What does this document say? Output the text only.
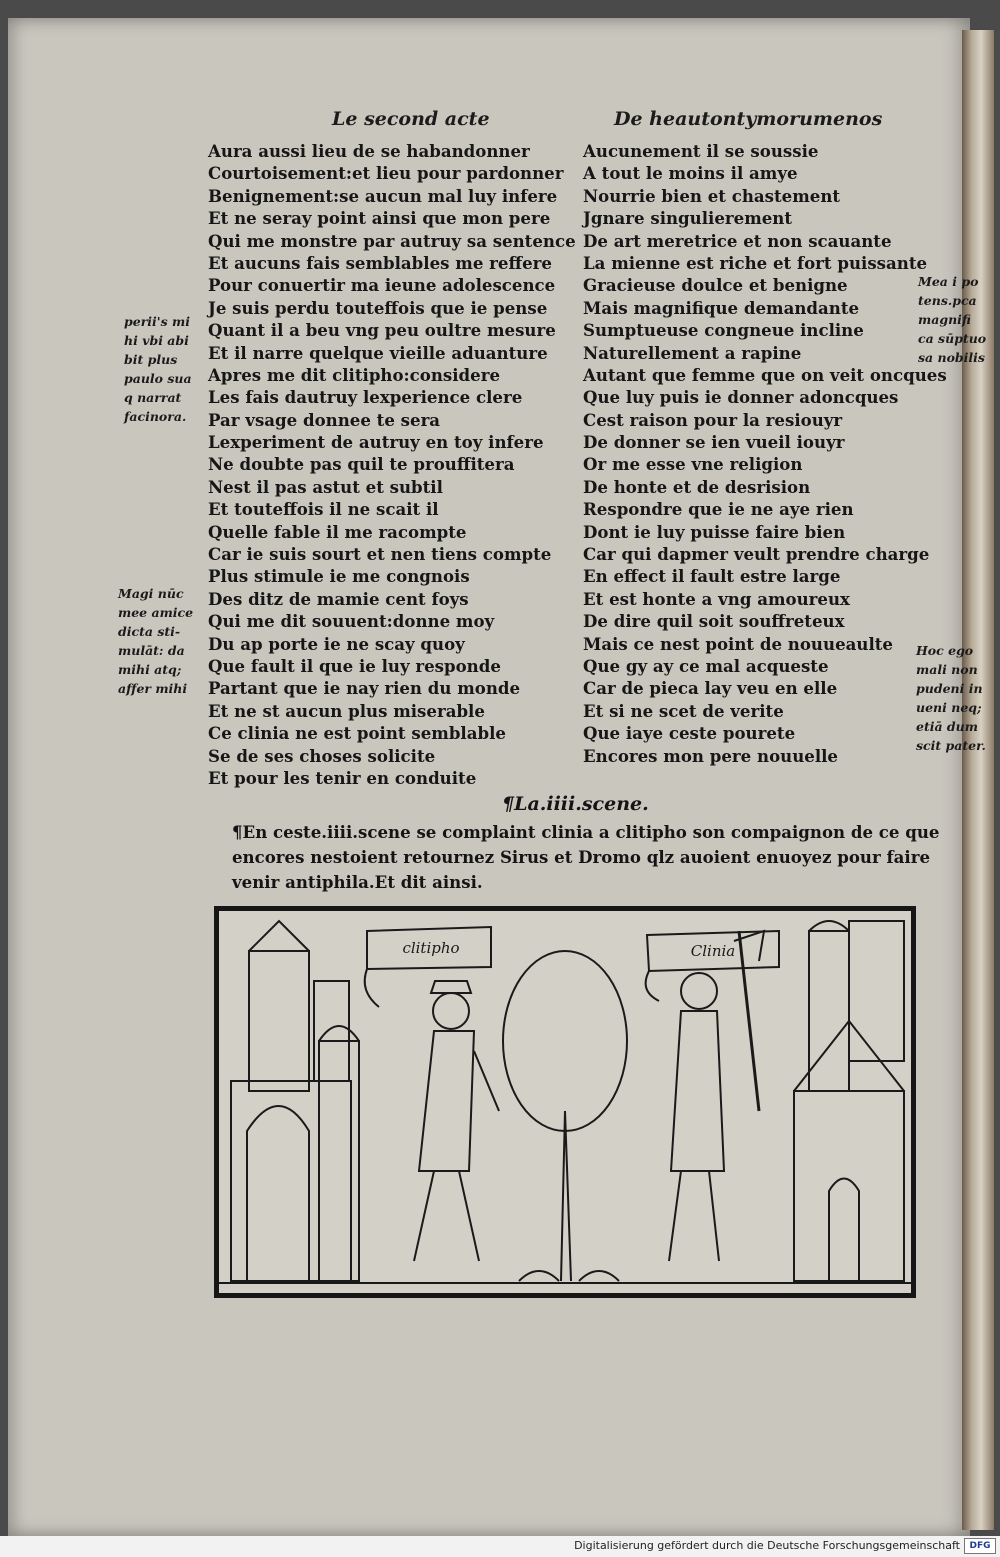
Le second acte	De heautontymorumenos
Aura aussi lieu de se habandonner
Courtoisement:et lieu pour pardonner
Benignement:se aucun mal luy infere
Et ne seray point ainsi que mon pere
Qui me monstre par autruy sa sentence
Et aucuns fais semblables me reffere
Pour conuertir ma ieune adolescence
Je suis perdu touteffois que ie pense
Quant il a beu vng peu oultre mesure
Et il narre quelque vieille aduanture
Apres me dit clitipho:considere
Les fais dautruy lexperience clere
Par vsage donnee te sera
Lexperiment de autruy en toy infere
Ne doubte pas quil te prouffitera
Nest il pas astut et subtil
Et touteffois il ne scait il
Quelle fable il me racompte
Car ie suis sourt et nen tiens compte
Plus stimule ie me congnois
Des ditz de mamie cent foys
Qui me dit souuent:donne moy
Du ap porte ie ne scay quoy
Que fault il que ie luy responde
Partant que ie nay rien du monde
Et ne st aucun plus miserable
Ce clinia ne est point semblable
Se de ses choses solicite
Et pour les tenir en conduite
Aucunement il se soussie
A tout le moins il amye
Nourrie bien et chastement
Jgnare singulierement
De art meretrice et non scauante
La mienne est riche et fort puissante
Gracieuse doulce et benigne
Mais magnifique demandante
Sumptueuse congneue incline
Naturellement a rapine
Autant que femme que on veit oncques
Que luy puis ie donner adoncques
Cest raison pour la resiouyr
De donner se ien vueil iouyr
Or me esse vne religion
De honte et de desrision
Respondre que ie ne aye rien
Dont ie luy puisse faire bien
Car qui dapmer veult prendre charge
En effect il fault estre large
Et est honte a vng amoureux
De dire quil soit souffreteux
Mais ce nest point de nouueaulte
Que gy ay ce mal acqueste
Car de pieca lay veu en elle
Et si ne scet de verite
Que iaye ceste pourete
Encores mon pere nouuelle
perii's mi
hi vbi abi
bit plus
paulo sua
q narrat
facinora.
Magi nūc
mee amice
dicta sti-
mulāt: da
mihi atq;
affer mihi
Mea i po
tens.pca
magnifi
ca sūptuo
sa nobilis
Hoc ego
mali non
pudeni in
ueni neq;
etiā dum
scit pater.
¶La.iiii.scene.
¶En ceste.iiii.scene se complaint clinia a clitipho son compaignon de ce que
encores nestoient retournez Sirus et Dromo qlz auoient enuoyez pour faire
venir antiphila.Et dit ainsi.
clitipho	Clinia
Digitalisierung gefördert durch die Deutsche Forschungsgemeinschaft	DFG
